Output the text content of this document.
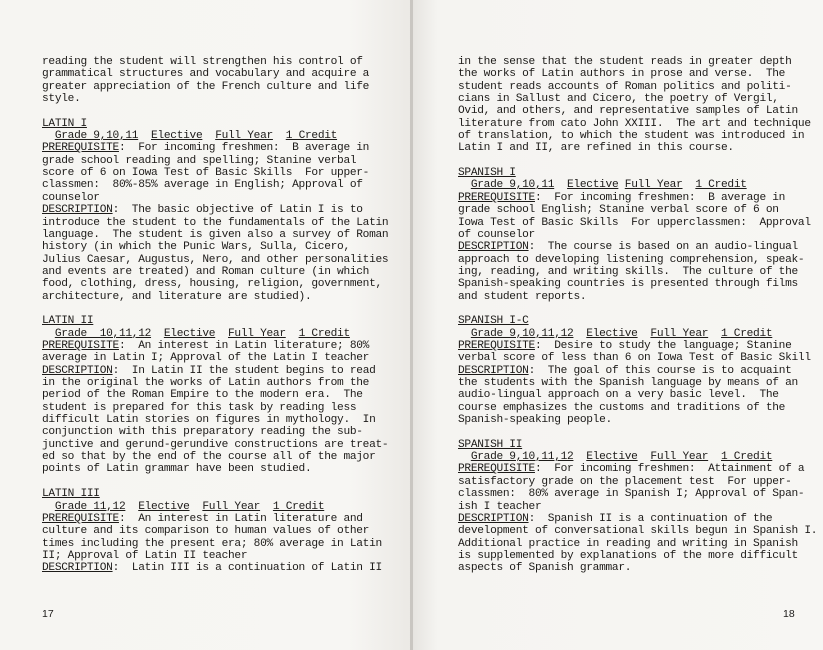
reading the student will strengthen his control of
grammatical structures and vocabulary and acquire a
greater appreciation of the French culture and life
style.
LATIN I
Grade 9,10,11 Elective Full Year 1 Credit
PREREQUISITE:  For incoming freshmen:  B average in
grade school reading and spelling; Stanine verbal
score of 6 on Iowa Test of Basic Skills  For upper-
classmen:  80%-85% average in English; Approval of
counselor
DESCRIPTION:  The basic objective of Latin I is to
introduce the student to the fundamentals of the Latin
language.  The student is given also a survey of Roman
history (in which the Punic Wars, Sulla, Cicero,
Julius Caesar, Augustus, Nero, and other personalities
and events are treated) and Roman culture (in which
food, clothing, dress, housing, religion, government,
architecture, and literature are studied).
LATIN II
Grade  10,11,12 Elective Full Year 1 Credit
PREREQUISITE:  An interest in Latin literature; 80%
average in Latin I; Approval of the Latin I teacher
DESCRIPTION:  In Latin II the student begins to read
in the original the works of Latin authors from the
period of the Roman Empire to the modern era.  The
student is prepared for this task by reading less
difficult Latin stories on figures in mythology.  In
conjunction with this preparatory reading the sub-
junctive and gerund-gerundive constructions are treat-
ed so that by the end of the course all of the major
points of Latin grammar have been studied.
LATIN III
Grade 11,12 Elective Full Year 1 Credit
PREREQUISITE:  An interest in Latin literature and
culture and its comparison to human values of other
times including the present era; 80% average in Latin
II; Approval of Latin II teacher
DESCRIPTION:  Latin III is a continuation of Latin II
17
in the sense that the student reads in greater depth
the works of Latin authors in prose and verse.  The
student reads accounts of Roman politics and politi-
cians in Sallust and Cicero, the poetry of Vergil,
Ovid, and others, and representative samples of Latin
literature from cato John XXIII.  The art and technique
of translation, to which the student was introduced in
Latin I and II, are refined in this course.
SPANISH I
Grade 9,10,11 Elective Full Year 1 Credit
PREREQUISITE:  For incoming freshmen:  B average in
grade school English; Stanine verbal score of 6 on
Iowa Test of Basic Skills  For upperclassmen:  Approval
of counselor
DESCRIPTION:  The course is based on an audio-lingual
approach to developing listening comprehension, speak-
ing, reading, and writing skills.  The culture of the
Spanish-speaking countries is presented through films
and student reports.
SPANISH I-C
Grade 9,10,11,12 Elective Full Year 1 Credit
PREREQUISITE:  Desire to study the language; Stanine
verbal score of less than 6 on Iowa Test of Basic Skill
DESCRIPTION:  The goal of this course is to acquaint
the students with the Spanish language by means of an
audio-lingual approach on a very basic level.  The
course emphasizes the customs and traditions of the
Spanish-speaking people.
SPANISH II
Grade 9,10,11,12 Elective Full Year 1 Credit
PREREQUISITE:  For incoming freshmen:  Attainment of a
satisfactory grade on the placement test  For upper-
classmen:  80% average in Spanish I; Approval of Span-
ish I teacher
DESCRIPTION:  Spanish II is a continuation of the
development of conversational skills begun in Spanish I.
Additional practice in reading and writing in Spanish
is supplemented by explanations of the more difficult
aspects of Spanish grammar.
18
